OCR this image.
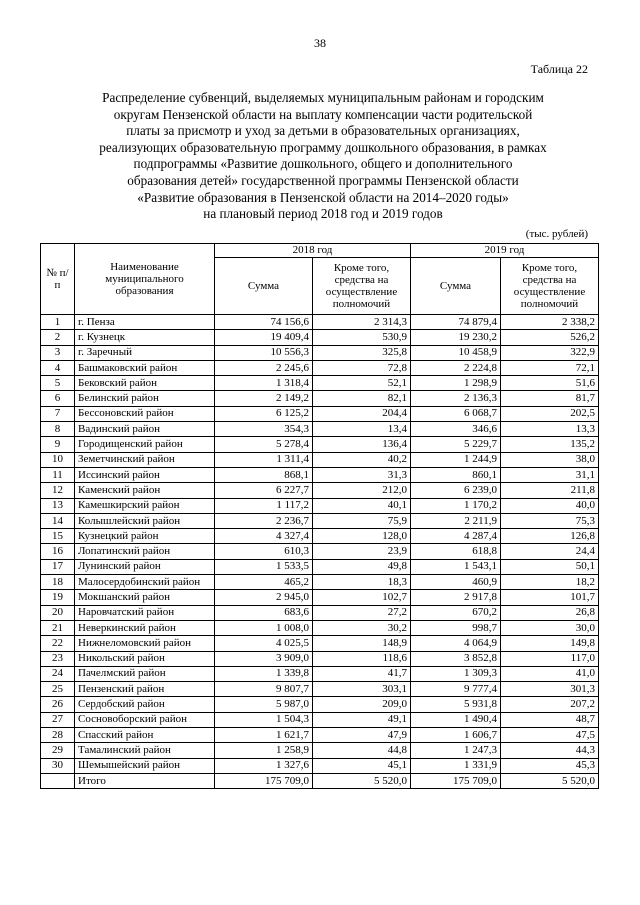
38
Таблица 22
Распределение субвенций, выделяемых муниципальным районам и городским
округам Пензенской области на выплату компенсации части родительской
платы за присмотр и уход за детьми в образовательных организациях,
реализующих образовательную программу дошкольного образования, в рамках
подпрограммы «Развитие дошкольного, общего и дополнительного
образования детей» государственной программы Пензенской области
«Развитие образования в Пензенской области на 2014–2020 годы»
на плановый период 2018 год и 2019 годов
(тыс. рублей)
№ п/п	Наименование муниципального образования	2018 год		2019 год	
		Сумма	Кроме того, средства на осуществление полномочий	Сумма	Кроме того, средства на осуществление полномочий
1	г. Пенза	74 156,6	2 314,3	74 879,4	2 338,2
2	г. Кузнецк	19 409,4	530,9	19 230,2	526,2
3	г. Заречный	10 556,3	325,8	10 458,9	322,9
4	Башмаковский район	2 245,6	72,8	2 224,8	72,1
5	Бековский район	1 318,4	52,1	1 298,9	51,6
6	Белинский район	2 149,2	82,1	2 136,3	81,7
7	Бессоновский район	6 125,2	204,4	6 068,7	202,5
8	Вадинский район	354,3	13,4	346,6	13,3
9	Городищенский район	5 278,4	136,4	5 229,7	135,2
10	Земетчинский район	1 311,4	40,2	1 244,9	38,0
11	Иссинский район	868,1	31,3	860,1	31,1
12	Каменский район	6 227,7	212,0	6 239,0	211,8
13	Камешкирский район	1 117,2	40,1	1 170,2	40,0
14	Колышлейский район	2 236,7	75,9	2 211,9	75,3
15	Кузнецкий район	4 327,4	128,0	4 287,4	126,8
16	Лопатинский район	610,3	23,9	618,8	24,4
17	Лунинский район	1 533,5	49,8	1 543,1	50,1
18	Малосердобинский район	465,2	18,3	460,9	18,2
19	Мокшанский район	2 945,0	102,7	2 917,8	101,7
20	Наровчатский район	683,6	27,2	670,2	26,8
21	Неверкинский район	1 008,0	30,2	998,7	30,0
22	Нижнеломовский район	4 025,5	148,9	4 064,9	149,8
23	Никольский район	3 909,0	118,6	3 852,8	117,0
24	Пачелмский район	1 339,8	41,7	1 309,3	41,0
25	Пензенский район	9 807,7	303,1	9 777,4	301,3
26	Сердобский район	5 987,0	209,0	5 931,8	207,2
27	Сосновоборский район	1 504,3	49,1	1 490,4	48,7
28	Спасский район	1 621,7	47,9	1 606,7	47,5
29	Тамалинский район	1 258,9	44,8	1 247,3	44,3
30	Шемышейский район	1 327,6	45,1	1 331,9	45,3
	Итого	175 709,0	5 520,0	175 709,0	5 520,0
